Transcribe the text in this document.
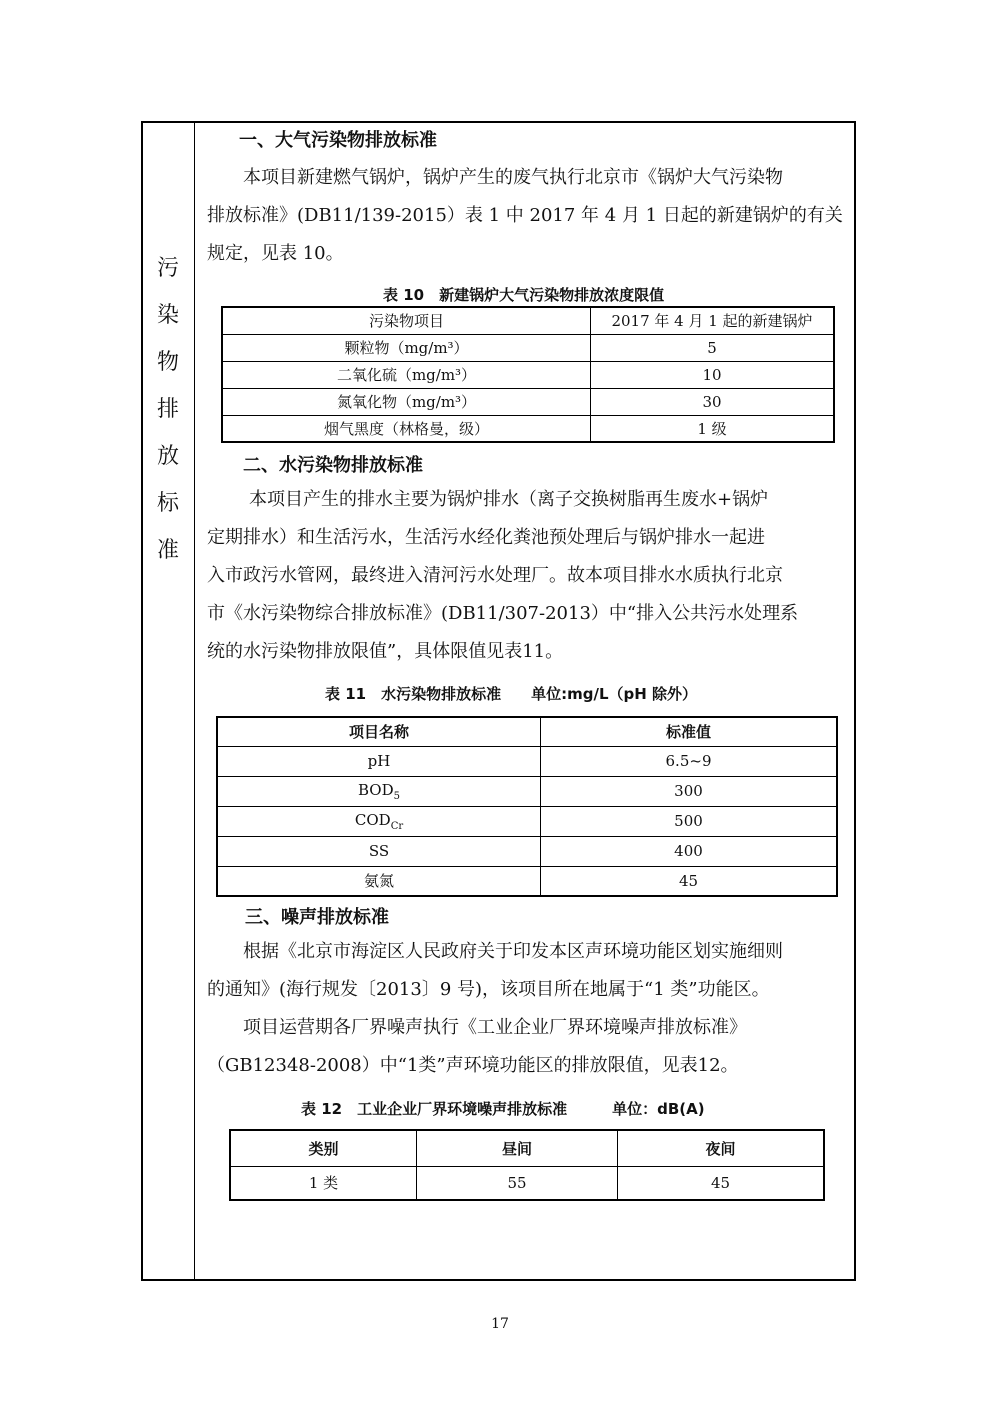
污
染
物
排
放
标
准
一、大气污染物排放标准
本项目新建燃气锅炉，锅炉产生的废气执行北京市《锅炉大气污染物
排放标准》(DB11/139-2015）表 1 中 2017 年 4 月 1 日起的新建锅炉的有关
规定，见表 10。
表 10　新建锅炉大气污染物排放浓度限值
污染物项目	2017 年 4 月 1 起的新建锅炉
颗粒物（mg/m³）	5
二氧化硫（mg/m³）	10
氮氧化物（mg/m³）	30
烟气黑度（林格曼，级）	1 级
二、水污染物排放标准
本项目产生的排水主要为锅炉排水（离子交换树脂再生废水+锅炉
定期排水）和生活污水，生活污水经化粪池预处理后与锅炉排水一起进
入市政污水管网，最终进入清河污水处理厂。故本项目排水水质执行北京
市《水污染物综合排放标准》(DB11/307-2013）中“排入公共污水处理系
统的水污染物排放限值”，具体限值见表11。
表 11　水污染物排放标准　　单位:mg/L（pH 除外）
项目名称	标准值
pH	6.5~9
$BOD_5$	300
$COD_{Cr}$	500
SS	400
氨氮	45
三、噪声排放标准
根据《北京市海淀区人民政府关于印发本区声环境功能区划实施细则
的通知》(海行规发〔2013〕9 号)，该项目所在地属于“1 类”功能区。
项目运营期各厂界噪声执行《工业企业厂界环境噪声排放标准》
（GB12348-2008）中“1类”声环境功能区的排放限值，见表12。
表 12　工业企业厂界环境噪声排放标准　　　单位：dB(A)
类别	昼间	夜间
1 类	55	45
17
